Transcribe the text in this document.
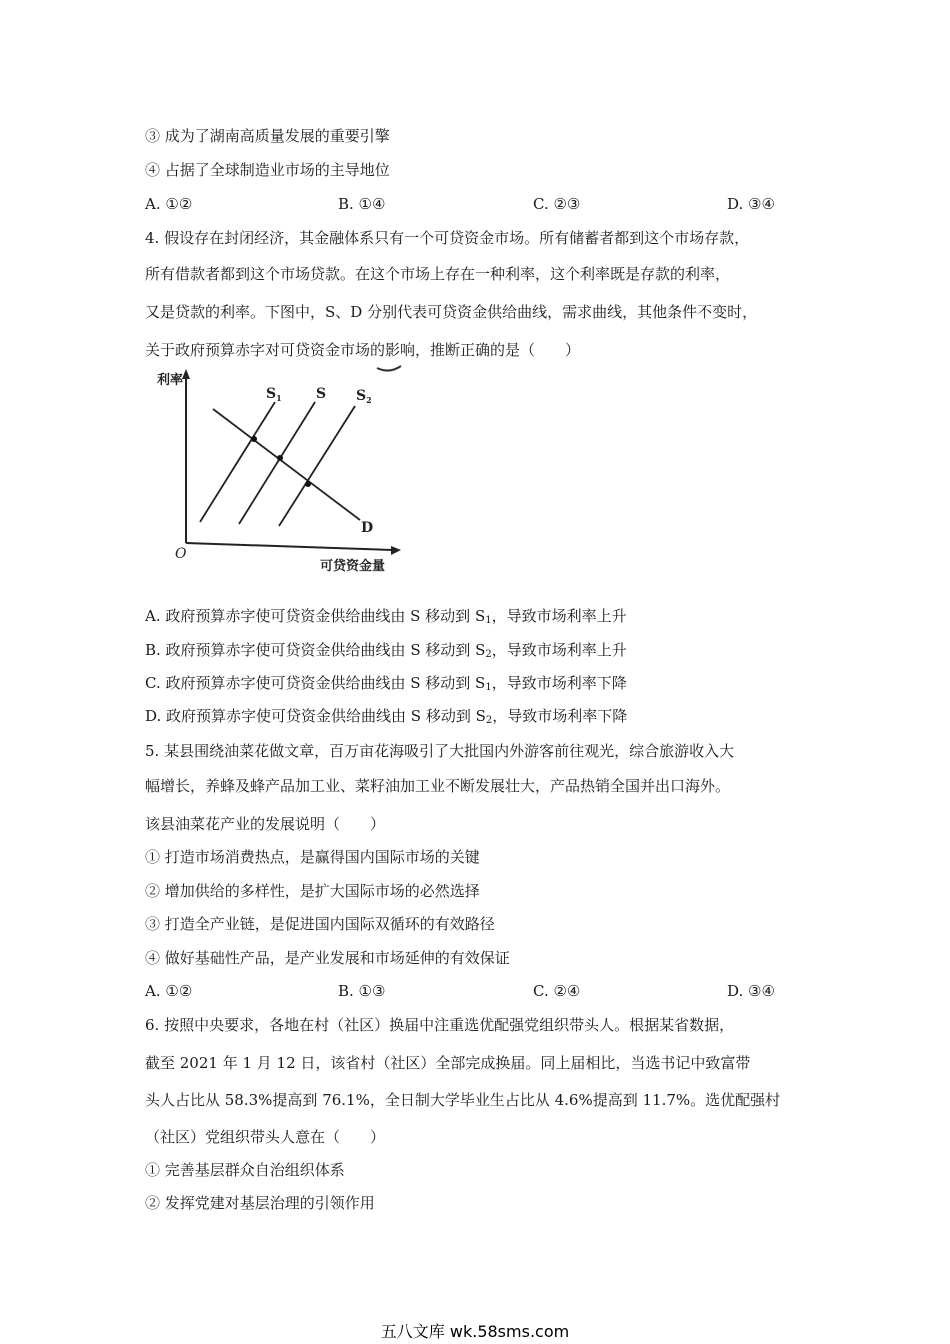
③ 成为了湖南高质量发展的重要引擎
④ 占据了全球制造业市场的主导地位
A. ①②	B. ①④	C. ②③	D. ③④
4. 假设存在封闭经济，其金融体系只有一个可贷资金市场。所有储蓄者都到这个市场存款，
所有借款者都到这个市场贷款。在这个市场上存在一种利率，这个利率既是存款的利率，
又是贷款的利率。下图中，S、D 分别代表可贷资金供给曲线，需求曲线，其他条件不变时，
关于政府预算赤字对可贷资金市场的影响，推断正确的是（　　）
利率
可贷资金量
O
$S_1$ S $S_2$
D
A. 政府预算赤字使可贷资金供给曲线由 S 移动到 $S_1$，导致市场利率上升
B. 政府预算赤字使可贷资金供给曲线由 S 移动到 $S_2$，导致市场利率上升
C. 政府预算赤字使可贷资金供给曲线由 S 移动到 $S_1$，导致市场利率下降
D. 政府预算赤字使可贷资金供给曲线由 S 移动到 $S_2$，导致市场利率下降
5. 某县围绕油菜花做文章，百万亩花海吸引了大批国内外游客前往观光，综合旅游收入大
幅增长，养蜂及蜂产品加工业、菜籽油加工业不断发展壮大，产品热销全国并出口海外。
该县油菜花产业的发展说明（　　）
① 打造市场消费热点，是赢得国内国际市场的关键
② 增加供给的多样性，是扩大国际市场的必然选择
③ 打造全产业链，是促进国内国际双循环的有效路径
④ 做好基础性产品，是产业发展和市场延伸的有效保证
A. ①②	B. ①③	C. ②④	D. ③④
6. 按照中央要求，各地在村（社区）换届中注重选优配强党组织带头人。根据某省数据，
截至 2021 年 1 月 12 日，该省村（社区）全部完成换届。同上届相比，当选书记中致富带
头人占比从 58.3%提高到 76.1%，全日制大学毕业生占比从 4.6%提高到 11.7%。选优配强村
（社区）党组织带头人意在（　　）
① 完善基层群众自治组织体系
② 发挥党建对基层治理的引领作用
五八文库 wk.58sms.com
